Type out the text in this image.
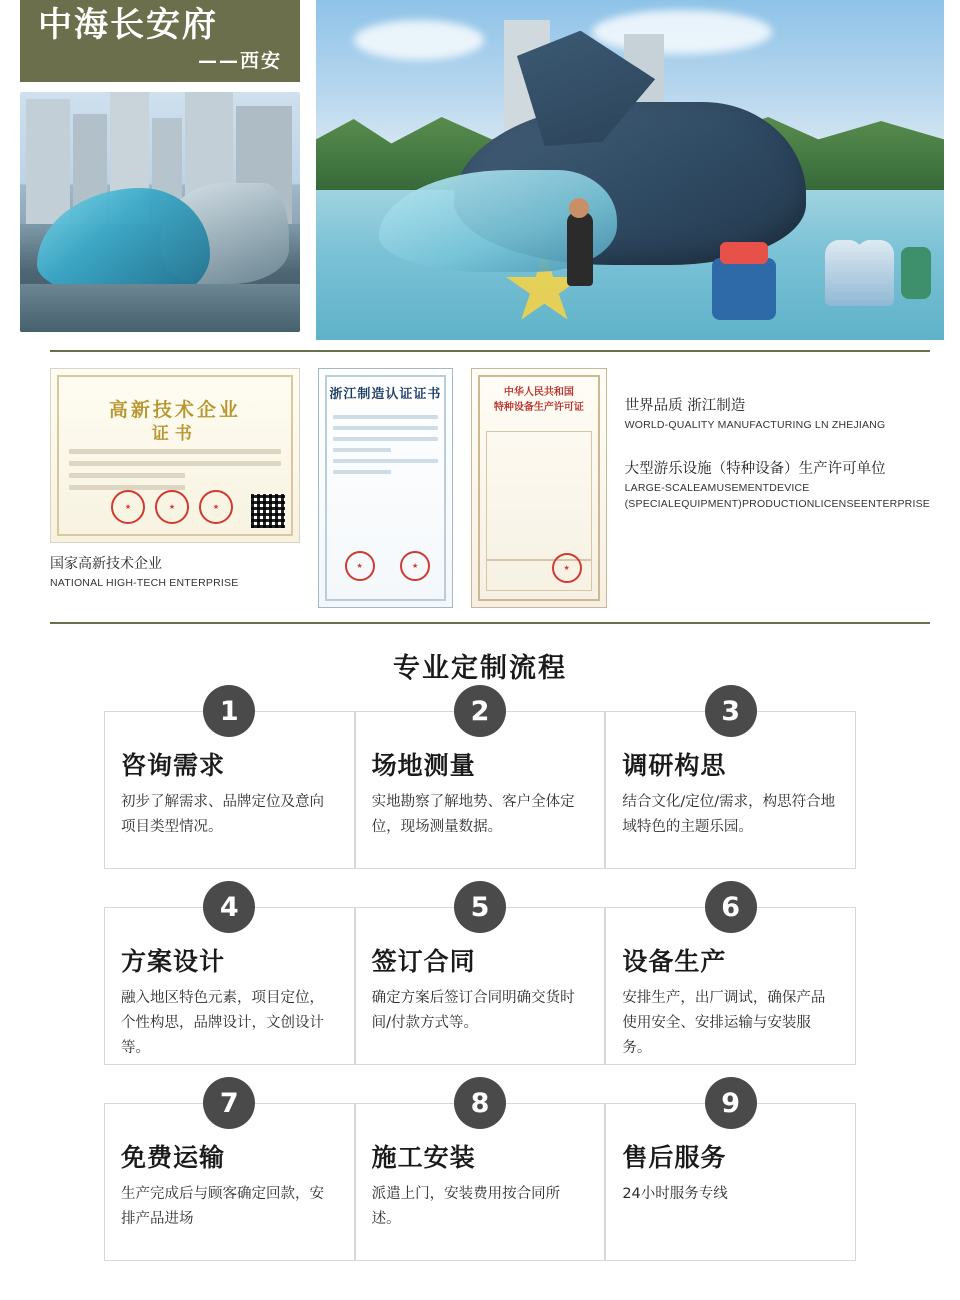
中海长安府
——西安
高新技术企业
证书
★	★	★
国家高新技术企业
NATIONAL HIGH-TECH ENTERPRISE
浙江制造认证证书
★	★
中华人民共和国
特种设备生产许可证
★
世界品质 浙江制造
WORLD-QUALITY MANUFACTURING LN ZHEJIANG
大型游乐设施（特种设备）生产许可单位
LARGE-SCALEAMUSEMENTDEVICE
(SPECIALEQUIPMENT)PRODUCTIONLICENSEENTERPRISE
专业定制流程
1
咨询需求
初步了解需求、品牌定位及意向项目类型情况。
2
场地测量
实地勘察了解地势、客户全体定位，现场测量数据。
3
调研构思
结合文化/定位/需求，构思符合地域特色的主题乐园。
4
方案设计
融入地区特色元素，项目定位，个性构思，品牌设计，文创设计等。
5
签订合同
确定方案后签订合同明确交货时间/付款方式等。
6
设备生产
安排生产，出厂调试，确保产品使用安全、安排运输与安装服务。
7
免费运输
生产完成后与顾客确定回款，安排产品进场
8
施工安装
派遣上门，安装费用按合同所述。
9
售后服务
24小时服务专线
